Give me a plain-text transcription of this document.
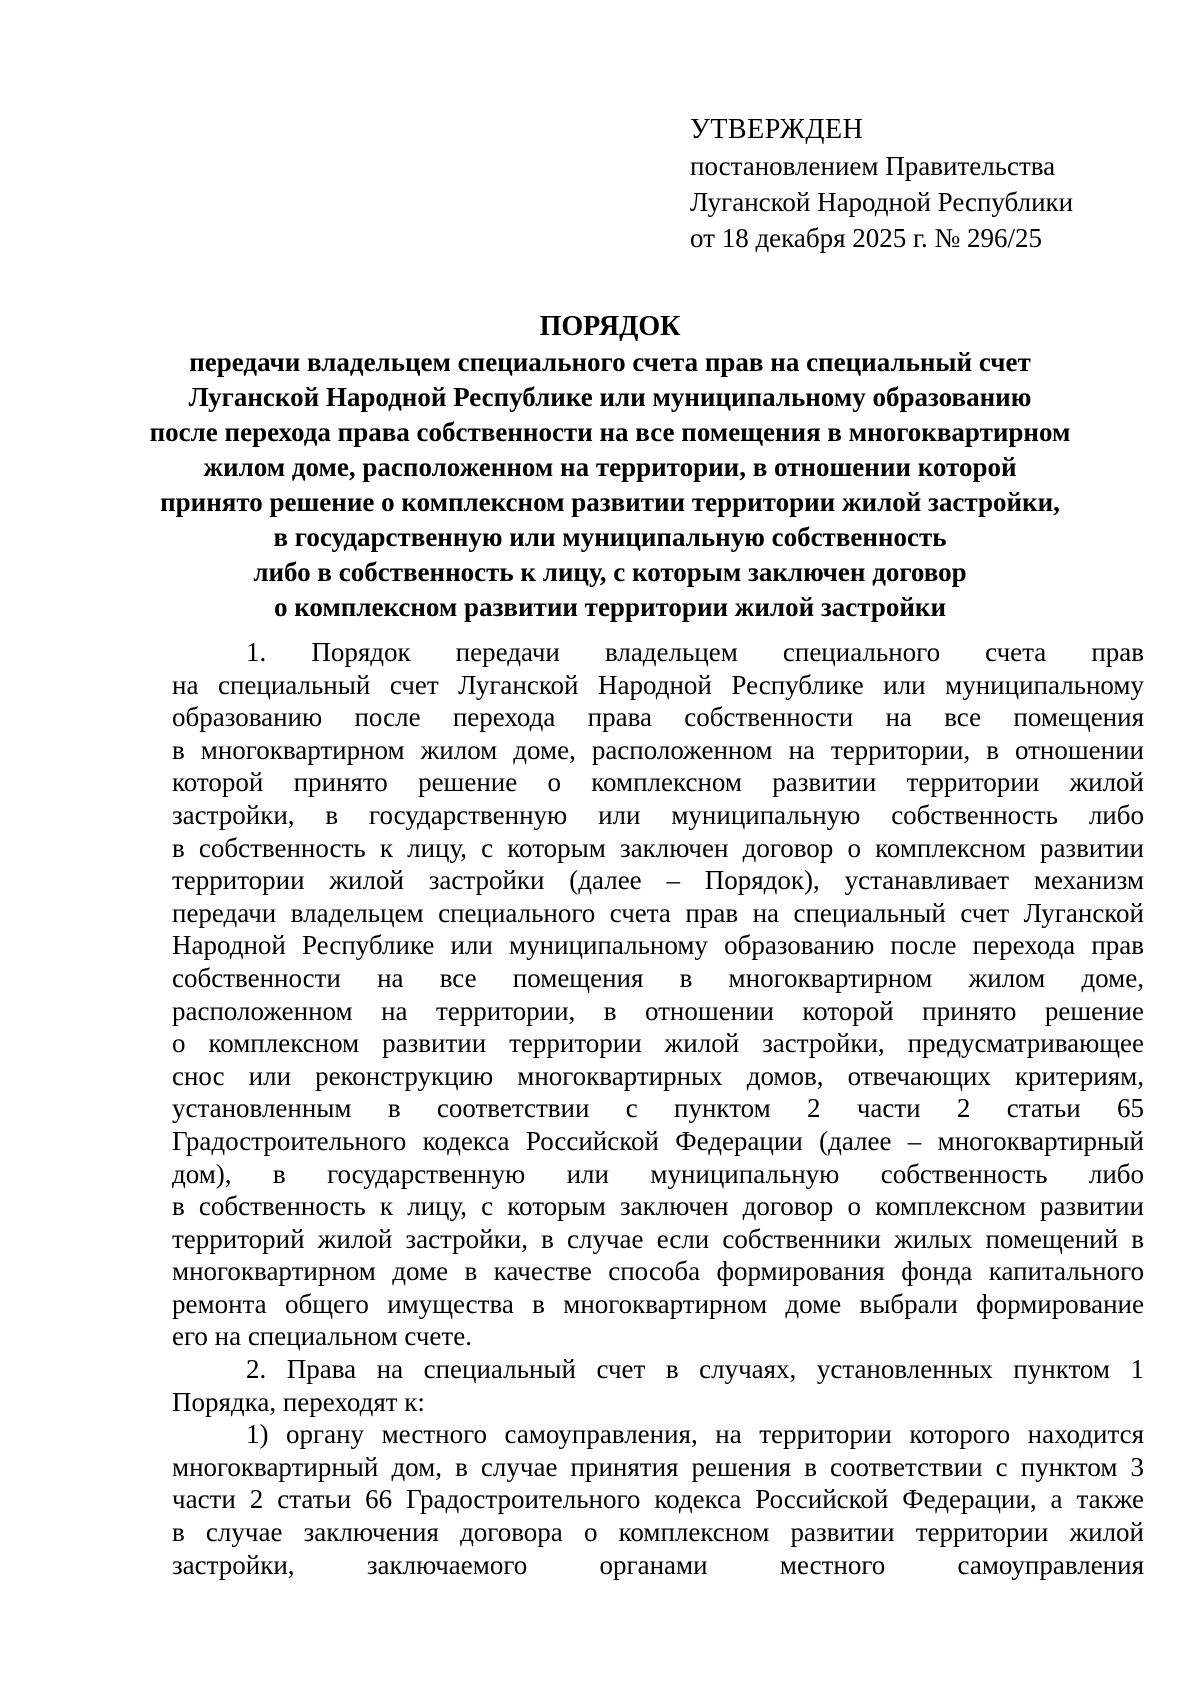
УТВЕРЖДЕН
постановлением Правительства
Луганской Народной Республики
от 18 декабря 2025 г. № 296/25
ПОРЯДОК
передачи владельцем специального счета прав на специальный счет
Луганской Народной Республике или муниципальному образованию
после перехода права собственности на все помещения в многоквартирном
жилом доме, расположенном на территории, в отношении которой
принято решение о комплексном развитии территории жилой застройки,
в государственную или муниципальную собственность
либо в собственность к лицу, с которым заключен договор
о комплексном развитии территории жилой застройки
1. Порядок передачи владельцем специального счета прав
на специальный счет Луганской Народной Республике или муниципальному
образованию после перехода права собственности на все помещения
в многоквартирном жилом доме, расположенном на территории, в отношении
которой принято решение о комплексном развитии территории жилой
застройки, в государственную или муниципальную собственность либо
в собственность к лицу, с которым заключен договор о комплексном развитии
территории жилой застройки (далее – Порядок), устанавливает механизм
передачи владельцем специального счета прав на специальный счет Луганской
Народной Республике или муниципальному образованию после перехода прав
собственности на все помещения в многоквартирном жилом доме,
расположенном на территории, в отношении которой принято решение
о комплексном развитии территории жилой застройки, предусматривающее
снос или реконструкцию многоквартирных домов, отвечающих критериям,
установленным в соответствии с пунктом 2 части 2 статьи 65
Градостроительного кодекса Российской Федерации (далее – многоквартирный
дом), в государственную или муниципальную собственность либо
в собственность к лицу, с которым заключен договор о комплексном развитии
территорий жилой застройки, в случае если собственники жилых помещений в
многоквартирном доме в качестве способа формирования фонда капитального
ремонта общего имущества в многоквартирном доме выбрали формирование
его на специальном счете.
2. Права на специальный счет в случаях, установленных пунктом 1
Порядка, переходят к:
1) органу местного самоуправления, на территории которого находится
многоквартирный дом, в случае принятия решения в соответствии с пунктом 3
части 2 статьи 66 Градостроительного кодекса Российской Федерации, а также
в случае заключения договора о комплексном развитии территории жилой
застройки, заключаемого органами местного самоуправления
